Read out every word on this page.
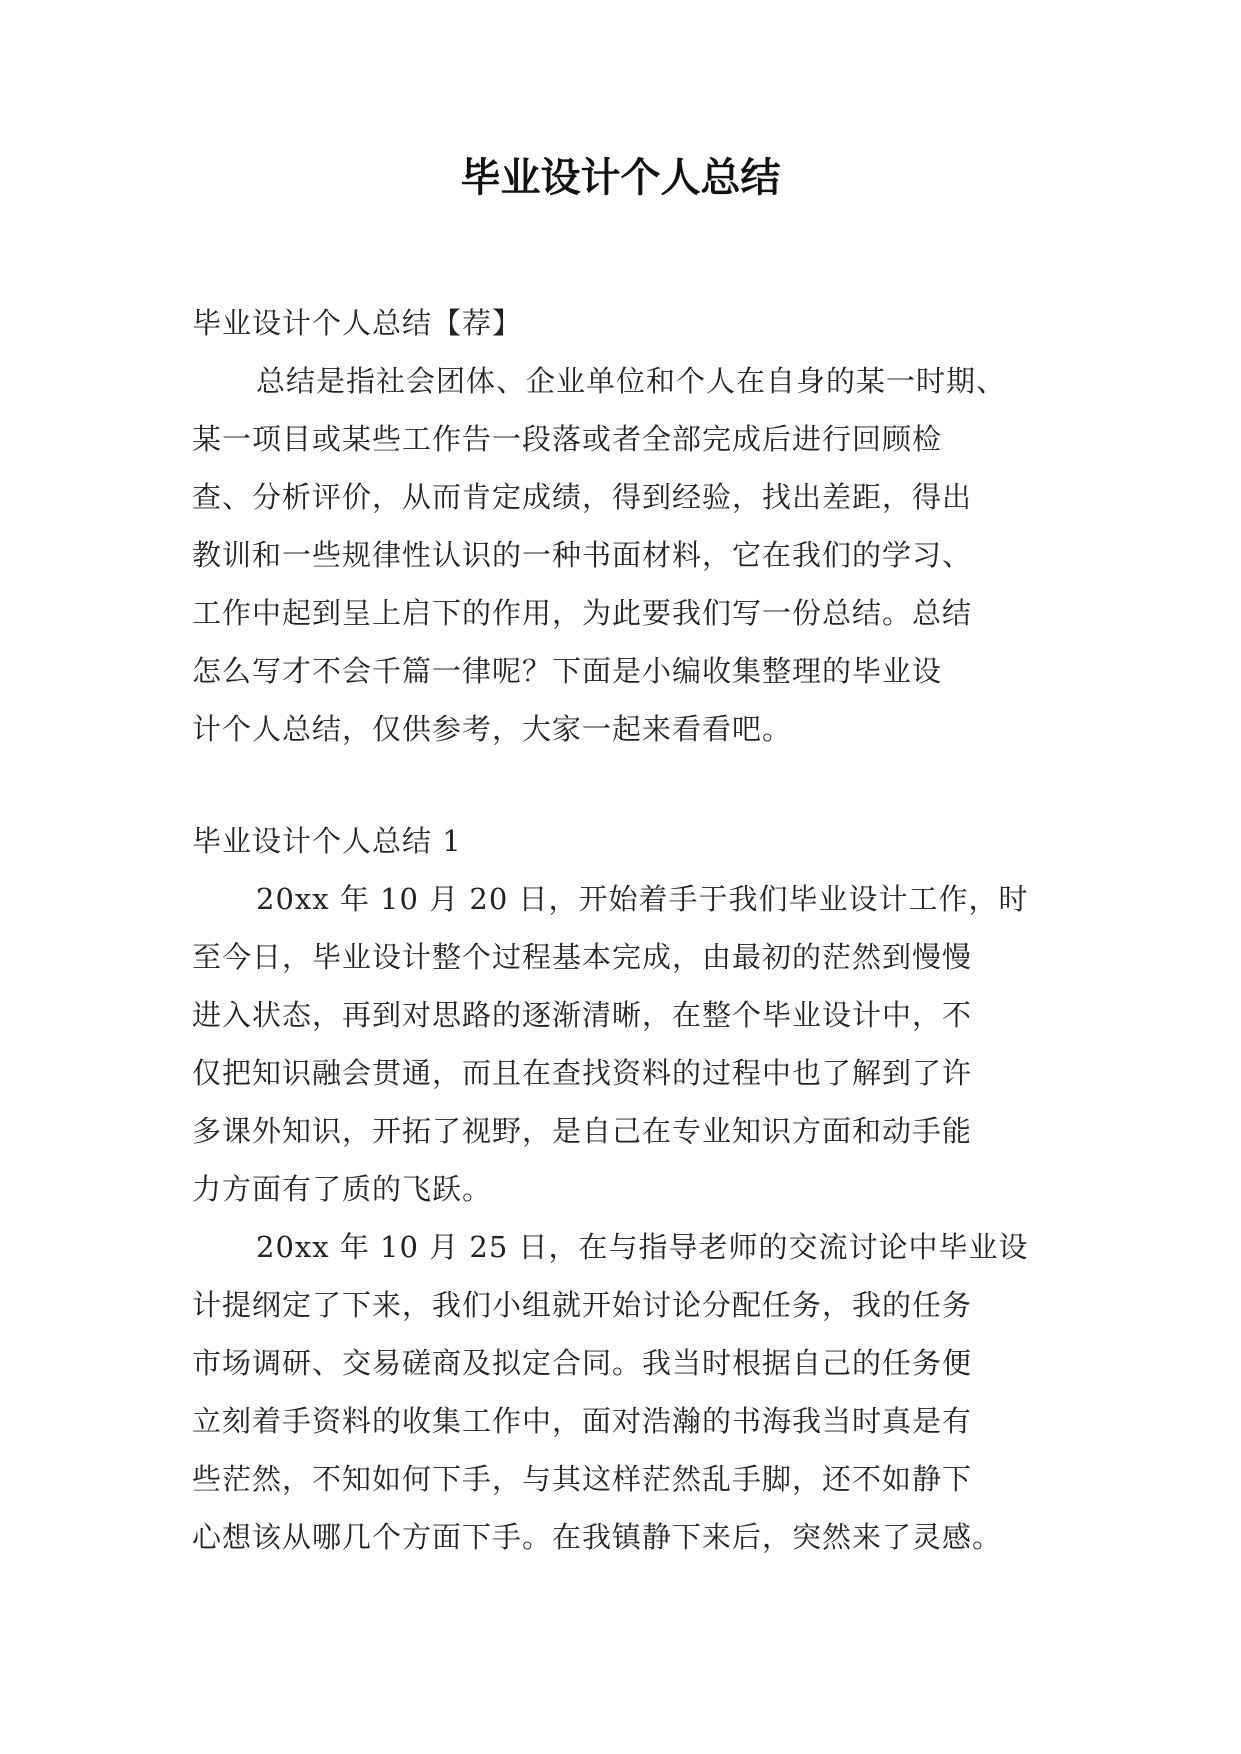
毕业设计个人总结
毕业设计个人总结【荐】
总结是指社会团体、企业单位和个人在自身的某一时期、
某一项目或某些工作告一段落或者全部完成后进行回顾检
查、分析评价，从而肯定成绩，得到经验，找出差距，得出
教训和一些规律性认识的一种书面材料，它在我们的学习、
工作中起到呈上启下的作用，为此要我们写一份总结。总结
怎么写才不会千篇一律呢？下面是小编收集整理的毕业设
计个人总结，仅供参考，大家一起来看看吧。
毕业设计个人总结 1
20xx 年 10 月 20 日，开始着手于我们毕业设计工作，时
至今日，毕业设计整个过程基本完成，由最初的茫然到慢慢
进入状态，再到对思路的逐渐清晰，在整个毕业设计中，不
仅把知识融会贯通，而且在查找资料的过程中也了解到了许
多课外知识，开拓了视野，是自己在专业知识方面和动手能
力方面有了质的飞跃。
20xx 年 10 月 25 日，在与指导老师的交流讨论中毕业设
计提纲定了下来，我们小组就开始讨论分配任务，我的任务
市场调研、交易磋商及拟定合同。我当时根据自己的任务便
立刻着手资料的收集工作中，面对浩瀚的书海我当时真是有
些茫然，不知如何下手，与其这样茫然乱手脚，还不如静下
心想该从哪几个方面下手。在我镇静下来后，突然来了灵感。
